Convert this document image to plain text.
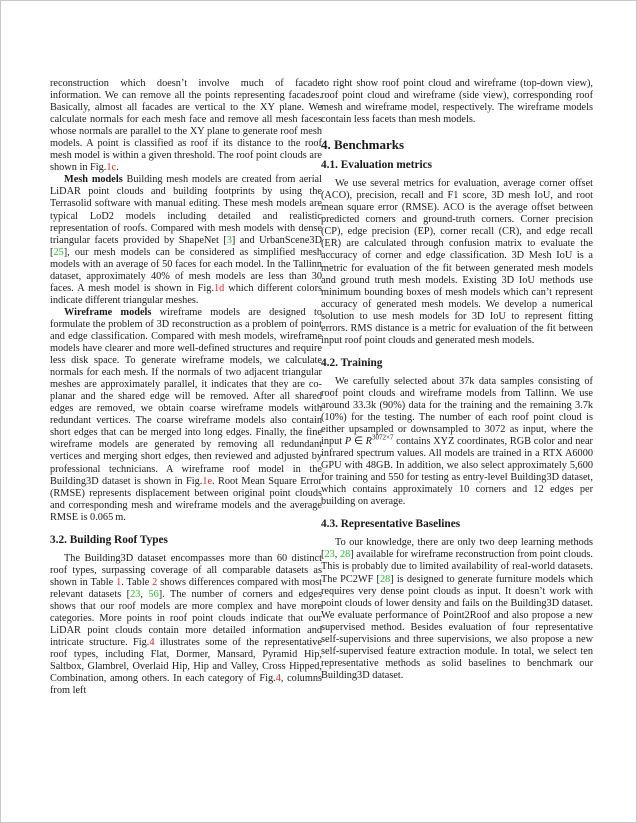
reconstruction which doesn’t involve much of facade information. We can remove all the points representing facades. Basically, almost all facades are vertical to the XY plane. We calculate normals for each mesh face and remove all mesh faces whose normals are parallel to the XY plane to generate roof mesh models. A point is classified as roof if its distance to the roof mesh model is within a given threshold. The roof point clouds are shown in Fig.1c.

Mesh models Building mesh models are created from aerial LiDAR point clouds and building footprints by using the Terrasolid software with manual editing. These mesh models are typical LoD2 models including detailed and realistic representation of roofs. Compared with mesh models with dense triangular facets provided by ShapeNet [3] and UrbanScene3D [25], our mesh models can be considered as simplified mesh models with an average of 50 faces for each model. In the Tallinn dataset, approximately 40% of mesh models are less than 30 faces. A mesh model is shown in Fig.1d which different colors indicate different triangular meshes.

Wireframe models wireframe models are designed to formulate the problem of 3D reconstruction as a problem of point and edge classification. Compared with mesh models, wireframe models have clearer and more well-defined structures and require less disk space. To generate wireframe models, we calculate normals for each mesh. If the normals of two adjacent triangular meshes are approximately parallel, it indicates that they are co-planar and the shared edge will be removed. After all shared edges are removed, we obtain coarse wireframe models with redundant vertices. The coarse wireframe models also contain short edges that can be merged into long edges. Finally, the fine wireframe models are generated by removing all redundant vertices and merging short edges, then reviewed and adjusted by professional technicians. A wireframe roof model in the Building3D dataset is shown in Fig.1e. Root Mean Square Error (RMSE) represents displacement between original point clouds and corresponding mesh and wireframe models and the average RMSE is 0.065 m.

3.2. Building Roof Types

The Building3D dataset encompasses more than 60 distinct roof types, surpassing coverage of all comparable datasets as shown in Table 1. Table 2 shows differences compared with most relevant datasets [23, 56]. The number of corners and edges shows that our roof models are more complex and have more categories. More points in roof point clouds indicate that our LiDAR point clouds contain more detailed information and intricate structure. Fig.4 illustrates some of the representative roof types, including Flat, Dormer, Mansard, Pyramid Hip, Saltbox, Glambrel, Overlaid Hip, Hip and Valley, Cross Hipped, Combination, among others. In each category of Fig.4, columns from left

to right show roof point cloud and wireframe (top-down view), roof point cloud and wireframe (side view), corresponding roof mesh and wireframe model, respectively. The wireframe models contain less facets than mesh models.

4. Benchmarks
4.1. Evaluation metrics

We use several metrics for evaluation, average corner offset (ACO), precision, recall and F1 score, 3D mesh IoU, and root mean square error (RMSE). ACO is the average offset between predicted corners and ground-truth corners. Corner precision (CP), edge precision (EP), corner recall (CR), and edge recall (ER) are calculated through confusion matrix to evaluate the accuracy of corner and edge classification. 3D Mesh IoU is a metric for evaluation of the fit between generated mesh models and ground truth mesh models. Existing 3D IoU methods use minimum bounding boxes of mesh models which can’t represent accuracy of generated mesh models. We develop a numerical solution to use mesh models for 3D IoU to represent fitting errors. RMS distance is a metric for evaluation of the fit between input roof point clouds and generated mesh models.

4.2. Training

We carefully selected about 37k data samples consisting of roof point clouds and wireframe models from Tallinn. We use around 33.3k (90%) data for the training and the remaining 3.7k (10%) for the testing. The number of each roof point cloud is either upsampled or downsampled to 3072 as input, where the input P ∈ $R^{3072\times 7}$ contains XYZ coordinates, RGB color and near infrared spectrum values. All models are trained in a RTX A6000 GPU with 48GB. In addition, we also select approximately 5,600 for training and 550 for testing as entry-level Building3D dataset, which contains approximately 10 corners and 12 edges per building on average.

4.3. Representative Baselines

To our knowledge, there are only two deep learning methods [23, 28] available for wireframe reconstruction from point clouds. This is probably due to limited availability of real-world datasets. The PC2WF [28] is designed to generate furniture models which requires very dense point clouds as input. It doesn’t work with point clouds of lower density and fails on the Building3D dataset. We evaluate performance of Point2Roof and also propose a new supervised method. Besides evaluation of four representative self-supervisions and three supervisions, we also propose a new self-supervised feature extraction module. In total, we select ten representative methods as solid baselines to benchmark our Building3D dataset.
